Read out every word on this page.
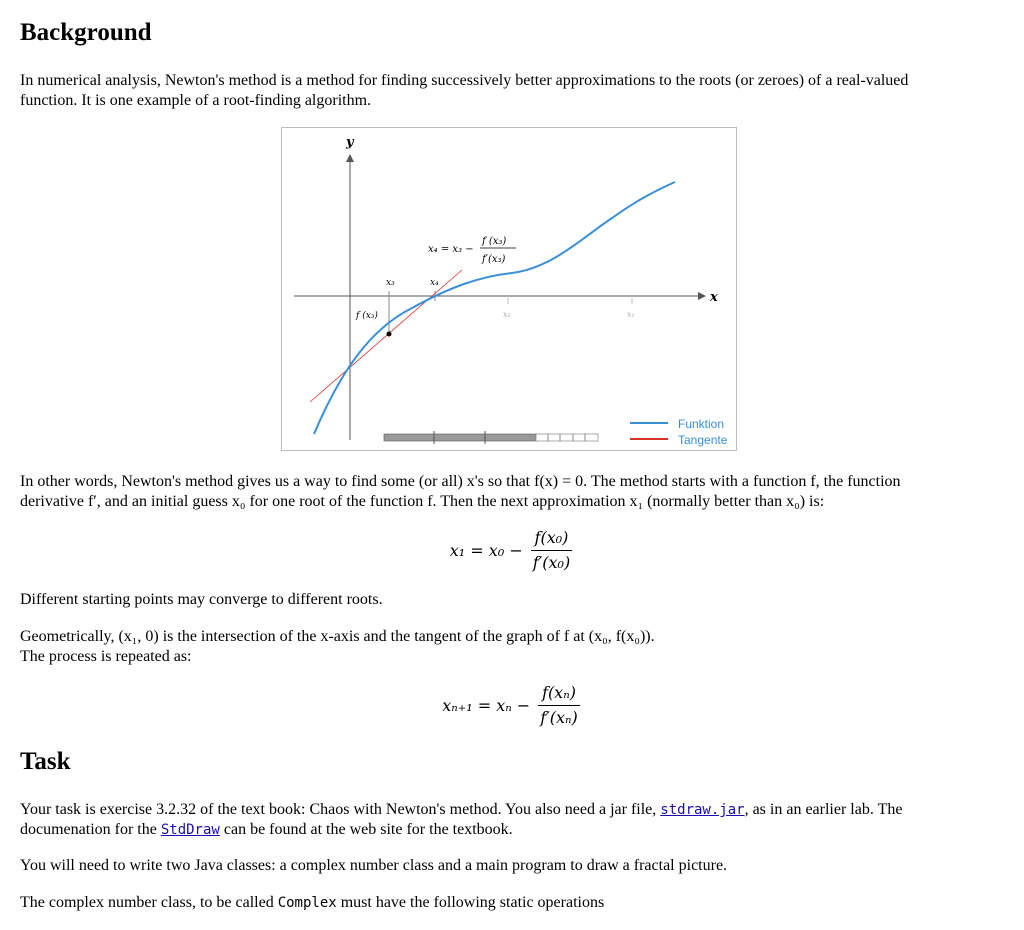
Background

In numerical analysis, Newton's method is a method for finding successively better approximations to the roots (or zeroes) of a real-valued
function. It is one example of a root-finding algorithm.

y
x
x₃	x₄
x₂	x₁
f (x₃)
x₄ = x₃ −
f (x₃)
f′(x₃)
Funktion
Tangente

In other words, Newton's method gives us a way to find some (or all) x's so that f(x) = 0. The method starts with a function f, the function
derivative f′, and an initial guess x₀ for one root of the function f. Then the next approximation x₁ (normally better than x₀) is:

$x_1 = x_0 - \frac{\text{f(x₀)}}{\text{f′(x₀)}}$

Different starting points may converge to different roots.

Geometrically, (x₁, 0) is the intersection of the x-axis and the tangent of the graph of f at (x₀, f(x₀)).
The process is repeated as:

$x_{n+1} = x_n - \frac{\text{f(xₙ)}}{\text{f′(xₙ)}}$
Task

Your task is exercise 3.2.32 of the text book: Chaos with Newton's method. You also need a jar file, stdraw.jar, as in an earlier lab. The
documenation for the StdDraw can be found at the web site for the textbook.

You will need to write two Java classes: a complex number class and a main program to draw a fractal picture.

The complex number class, to be called Complex must have the following static operations
